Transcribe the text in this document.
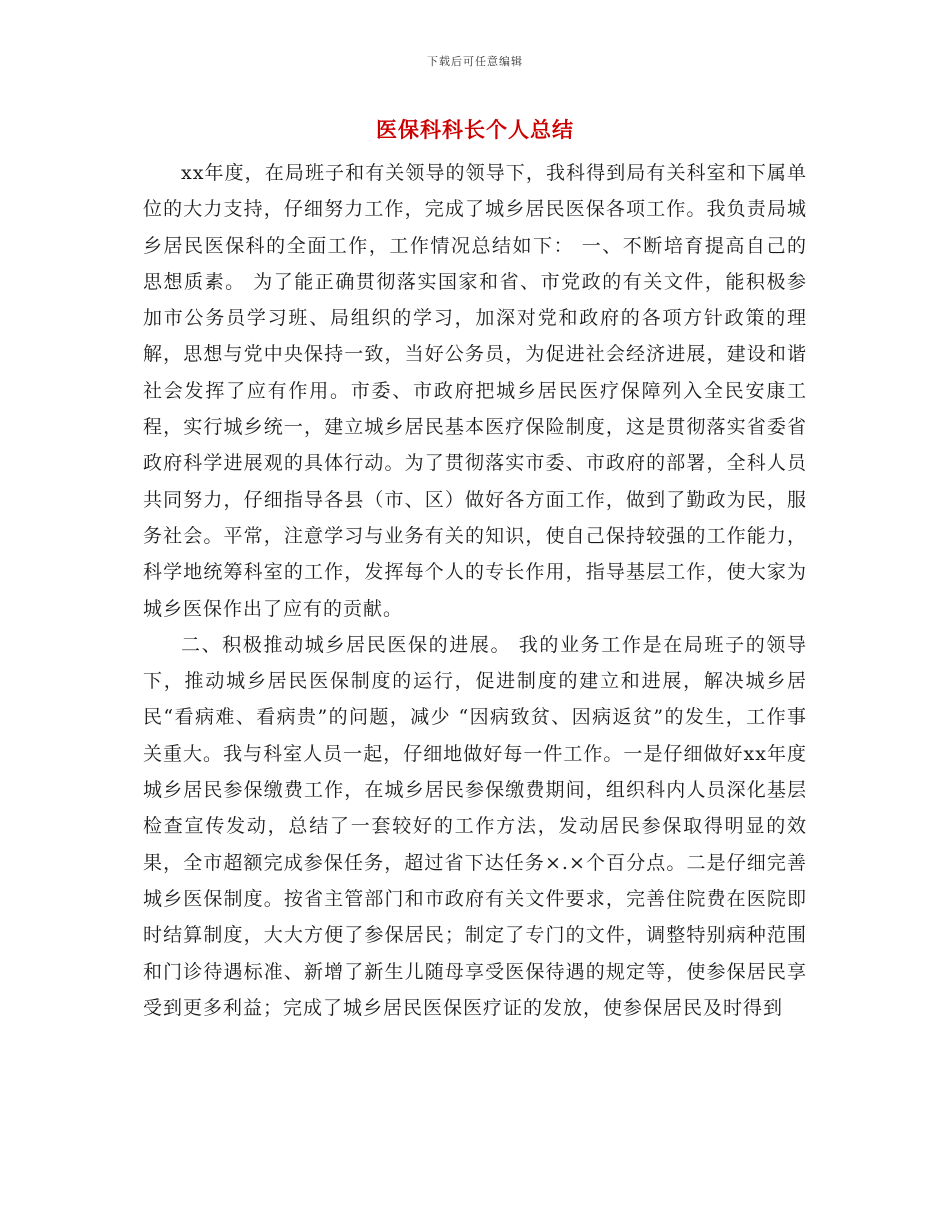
下载后可任意编辑
医保科科长个人总结

xx年度，在局班子和有关领导的领导下，我科得到局有关科室和下属单位的大力支持，仔细努力工作，完成了城乡居民医保各项工作。我负责局城乡居民医保科的全面工作，工作情况总结如下： 一、不断培育提高自己的思想质素。 为了能正确贯彻落实国家和省、市党政的有关文件，能积极参加市公务员学习班、局组织的学习，加深对党和政府的各项方针政策的理解，思想与党中央保持一致，当好公务员，为促进社会经济进展，建设和谐社会发挥了应有作用。市委、市政府把城乡居民医疗保障列入全民安康工程，实行城乡统一，建立城乡居民基本医疗保险制度，这是贯彻落实省委省政府科学进展观的具体行动。为了贯彻落实市委、市政府的部署，全科人员共同努力，仔细指导各县（市、区）做好各方面工作，做到了勤政为民，服务社会。平常，注意学习与业务有关的知识，使自己保持较强的工作能力，科学地统筹科室的工作，发挥每个人的专长作用，指导基层工作，使大家为城乡医保作出了应有的贡献。

二、积极推动城乡居民医保的进展。 我的业务工作是在局班子的领导下，推动城乡居民医保制度的运行，促进制度的建立和进展，解决城乡居民“看病难、看病贵”的问题，减少 “因病致贫、因病返贫”的发生，工作事关重大。我与科室人员一起，仔细地做好每一件工作。一是仔细做好xx年度城乡居民参保缴费工作，在城乡居民参保缴费期间，组织科内人员深化基层检查宣传发动，总结了一套较好的工作方法，发动居民参保取得明显的效果，全市超额完成参保任务，超过省下达任务×.×个百分点。二是仔细完善城乡医保制度。按省主管部门和市政府有关文件要求，完善住院费在医院即时结算制度，大大方便了参保居民；制定了专门的文件，调整特别病种范围和门诊待遇标准、新增了新生儿随母享受医保待遇的规定等，使参保居民享受到更多利益；完成了城乡居民医保医疗证的发放，使参保居民及时得到
